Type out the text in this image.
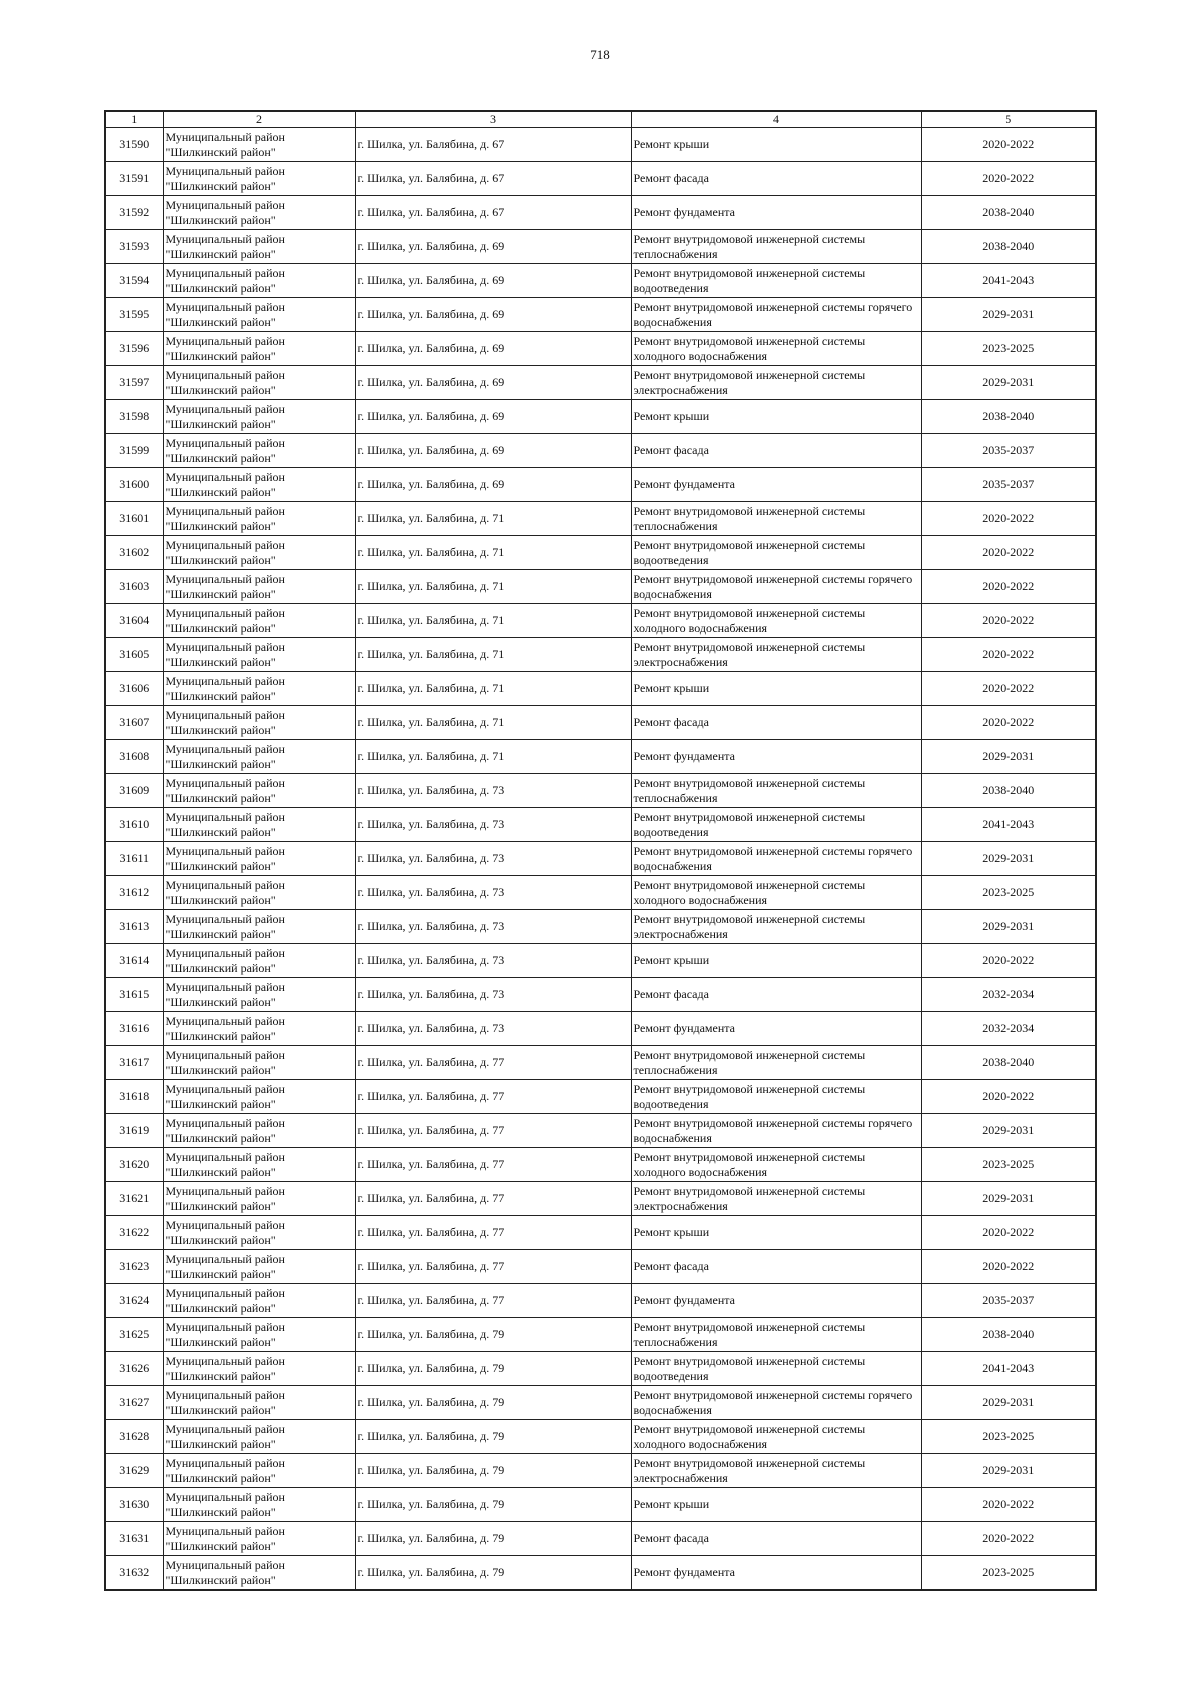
718
1	2	3	4	5
31590	Муниципальный район "Шилкинский район"	г. Шилка, ул. Балябина, д. 67	Ремонт крыши	2020-2022
31591	Муниципальный район "Шилкинский район"	г. Шилка, ул. Балябина, д. 67	Ремонт фасада	2020-2022
31592	Муниципальный район "Шилкинский район"	г. Шилка, ул. Балябина, д. 67	Ремонт фундамента	2038-2040
31593	Муниципальный район "Шилкинский район"	г. Шилка, ул. Балябина, д. 69	Ремонт внутридомовой инженерной системы теплоснабжения	2038-2040
31594	Муниципальный район "Шилкинский район"	г. Шилка, ул. Балябина, д. 69	Ремонт внутридомовой инженерной системы водоотведения	2041-2043
31595	Муниципальный район "Шилкинский район"	г. Шилка, ул. Балябина, д. 69	Ремонт внутридомовой инженерной системы горячего водоснабжения	2029-2031
31596	Муниципальный район "Шилкинский район"	г. Шилка, ул. Балябина, д. 69	Ремонт внутридомовой инженерной системы холодного водоснабжения	2023-2025
31597	Муниципальный район "Шилкинский район"	г. Шилка, ул. Балябина, д. 69	Ремонт внутридомовой инженерной системы электроснабжения	2029-2031
31598	Муниципальный район "Шилкинский район"	г. Шилка, ул. Балябина, д. 69	Ремонт крыши	2038-2040
31599	Муниципальный район "Шилкинский район"	г. Шилка, ул. Балябина, д. 69	Ремонт фасада	2035-2037
31600	Муниципальный район "Шилкинский район"	г. Шилка, ул. Балябина, д. 69	Ремонт фундамента	2035-2037
31601	Муниципальный район "Шилкинский район"	г. Шилка, ул. Балябина, д. 71	Ремонт внутридомовой инженерной системы теплоснабжения	2020-2022
31602	Муниципальный район "Шилкинский район"	г. Шилка, ул. Балябина, д. 71	Ремонт внутридомовой инженерной системы водоотведения	2020-2022
31603	Муниципальный район "Шилкинский район"	г. Шилка, ул. Балябина, д. 71	Ремонт внутридомовой инженерной системы горячего водоснабжения	2020-2022
31604	Муниципальный район "Шилкинский район"	г. Шилка, ул. Балябина, д. 71	Ремонт внутридомовой инженерной системы холодного водоснабжения	2020-2022
31605	Муниципальный район "Шилкинский район"	г. Шилка, ул. Балябина, д. 71	Ремонт внутридомовой инженерной системы электроснабжения	2020-2022
31606	Муниципальный район "Шилкинский район"	г. Шилка, ул. Балябина, д. 71	Ремонт крыши	2020-2022
31607	Муниципальный район "Шилкинский район"	г. Шилка, ул. Балябина, д. 71	Ремонт фасада	2020-2022
31608	Муниципальный район "Шилкинский район"	г. Шилка, ул. Балябина, д. 71	Ремонт фундамента	2029-2031
31609	Муниципальный район "Шилкинский район"	г. Шилка, ул. Балябина, д. 73	Ремонт внутридомовой инженерной системы теплоснабжения	2038-2040
31610	Муниципальный район "Шилкинский район"	г. Шилка, ул. Балябина, д. 73	Ремонт внутридомовой инженерной системы водоотведения	2041-2043
31611	Муниципальный район "Шилкинский район"	г. Шилка, ул. Балябина, д. 73	Ремонт внутридомовой инженерной системы горячего водоснабжения	2029-2031
31612	Муниципальный район "Шилкинский район"	г. Шилка, ул. Балябина, д. 73	Ремонт внутридомовой инженерной системы холодного водоснабжения	2023-2025
31613	Муниципальный район "Шилкинский район"	г. Шилка, ул. Балябина, д. 73	Ремонт внутридомовой инженерной системы электроснабжения	2029-2031
31614	Муниципальный район "Шилкинский район"	г. Шилка, ул. Балябина, д. 73	Ремонт крыши	2020-2022
31615	Муниципальный район "Шилкинский район"	г. Шилка, ул. Балябина, д. 73	Ремонт фасада	2032-2034
31616	Муниципальный район "Шилкинский район"	г. Шилка, ул. Балябина, д. 73	Ремонт фундамента	2032-2034
31617	Муниципальный район "Шилкинский район"	г. Шилка, ул. Балябина, д. 77	Ремонт внутридомовой инженерной системы теплоснабжения	2038-2040
31618	Муниципальный район "Шилкинский район"	г. Шилка, ул. Балябина, д. 77	Ремонт внутридомовой инженерной системы водоотведения	2020-2022
31619	Муниципальный район "Шилкинский район"	г. Шилка, ул. Балябина, д. 77	Ремонт внутридомовой инженерной системы горячего водоснабжения	2029-2031
31620	Муниципальный район "Шилкинский район"	г. Шилка, ул. Балябина, д. 77	Ремонт внутридомовой инженерной системы холодного водоснабжения	2023-2025
31621	Муниципальный район "Шилкинский район"	г. Шилка, ул. Балябина, д. 77	Ремонт внутридомовой инженерной системы электроснабжения	2029-2031
31622	Муниципальный район "Шилкинский район"	г. Шилка, ул. Балябина, д. 77	Ремонт крыши	2020-2022
31623	Муниципальный район "Шилкинский район"	г. Шилка, ул. Балябина, д. 77	Ремонт фасада	2020-2022
31624	Муниципальный район "Шилкинский район"	г. Шилка, ул. Балябина, д. 77	Ремонт фундамента	2035-2037
31625	Муниципальный район "Шилкинский район"	г. Шилка, ул. Балябина, д. 79	Ремонт внутридомовой инженерной системы теплоснабжения	2038-2040
31626	Муниципальный район "Шилкинский район"	г. Шилка, ул. Балябина, д. 79	Ремонт внутридомовой инженерной системы водоотведения	2041-2043
31627	Муниципальный район "Шилкинский район"	г. Шилка, ул. Балябина, д. 79	Ремонт внутридомовой инженерной системы горячего водоснабжения	2029-2031
31628	Муниципальный район "Шилкинский район"	г. Шилка, ул. Балябина, д. 79	Ремонт внутридомовой инженерной системы холодного водоснабжения	2023-2025
31629	Муниципальный район "Шилкинский район"	г. Шилка, ул. Балябина, д. 79	Ремонт внутридомовой инженерной системы электроснабжения	2029-2031
31630	Муниципальный район "Шилкинский район"	г. Шилка, ул. Балябина, д. 79	Ремонт крыши	2020-2022
31631	Муниципальный район "Шилкинский район"	г. Шилка, ул. Балябина, д. 79	Ремонт фасада	2020-2022
31632	Муниципальный район "Шилкинский район"	г. Шилка, ул. Балябина, д. 79	Ремонт фундамента	2023-2025
